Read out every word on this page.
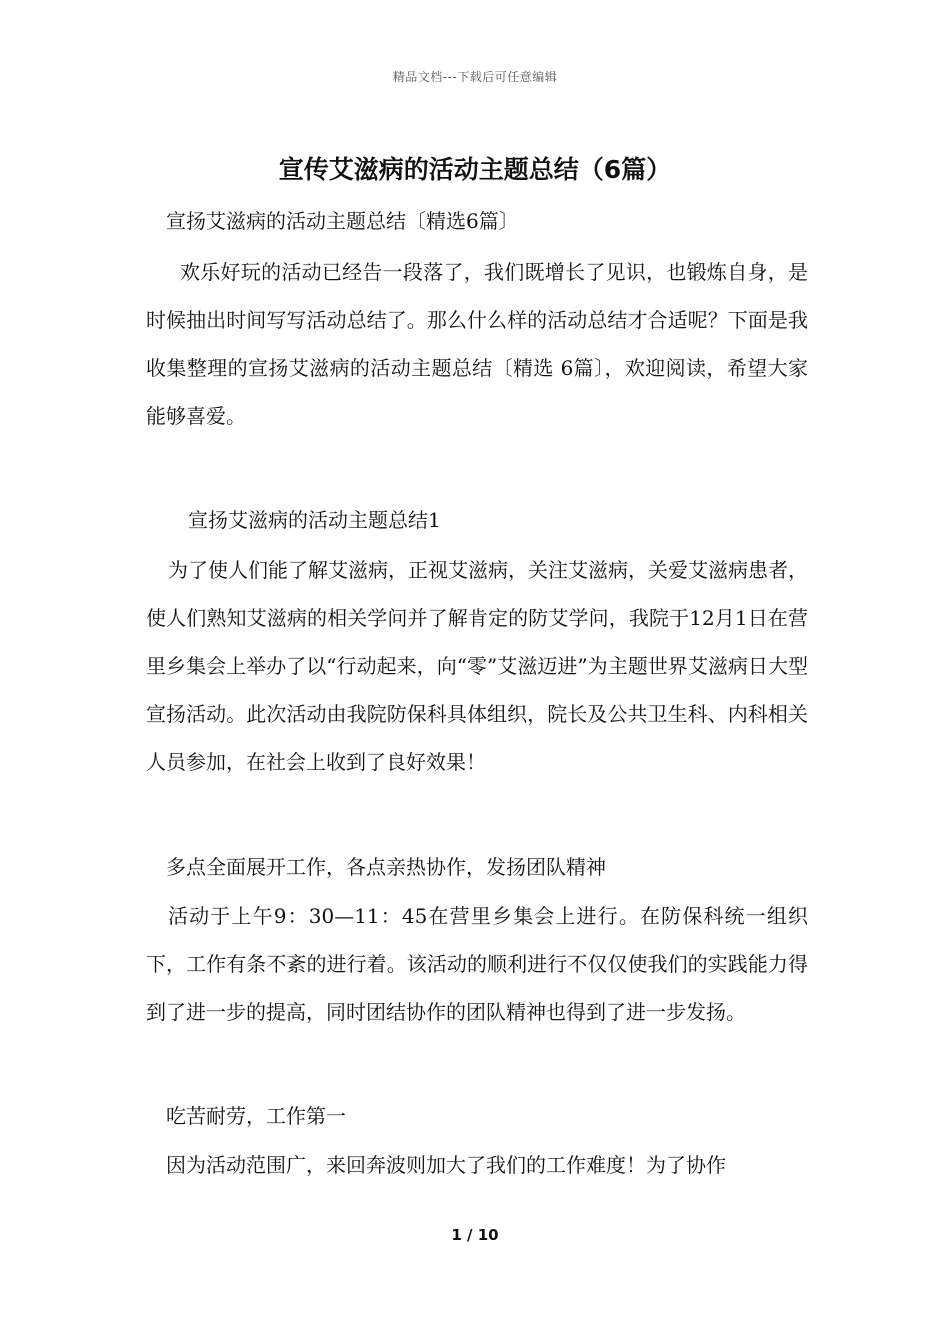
精品文档---下载后可任意编辑
宣传艾滋病的活动主题总结（6篇）

宣扬艾滋病的活动主题总结〔精选6篇〕

欢乐好玩的活动已经告一段落了，我们既增长了见识，也锻炼自身，是时候抽出时间写写活动总结了。那么什么样的活动总结才合适呢？下面是我收集整理的宣扬艾滋病的活动主题总结〔精选 6篇〕，欢迎阅读，希望大家能够喜爱。

宣扬艾滋病的活动主题总结1

为了使人们能了解艾滋病，正视艾滋病，关注艾滋病，关爱艾滋病患者，使人们熟知艾滋病的相关学问并了解肯定的防艾学问，我院于12月1日在营里乡集会上举办了以“行动起来，向“零”艾滋迈进”为主题世界艾滋病日大型宣扬活动。此次活动由我院防保科具体组织，院长及公共卫生科、内科相关人员参加，在社会上收到了良好效果！

多点全面展开工作，各点亲热协作，发扬团队精神

活动于上午9：30—11：45在营里乡集会上进行。在防保科统一组织下，工作有条不紊的进行着。该活动的顺利进行不仅仅使我们的实践能力得到了进一步的提高，同时团结协作的团队精神也得到了进一步发扬。

吃苦耐劳，工作第一

因为活动范围广，来回奔波则加大了我们的工作难度！为了协作

1 / 10
